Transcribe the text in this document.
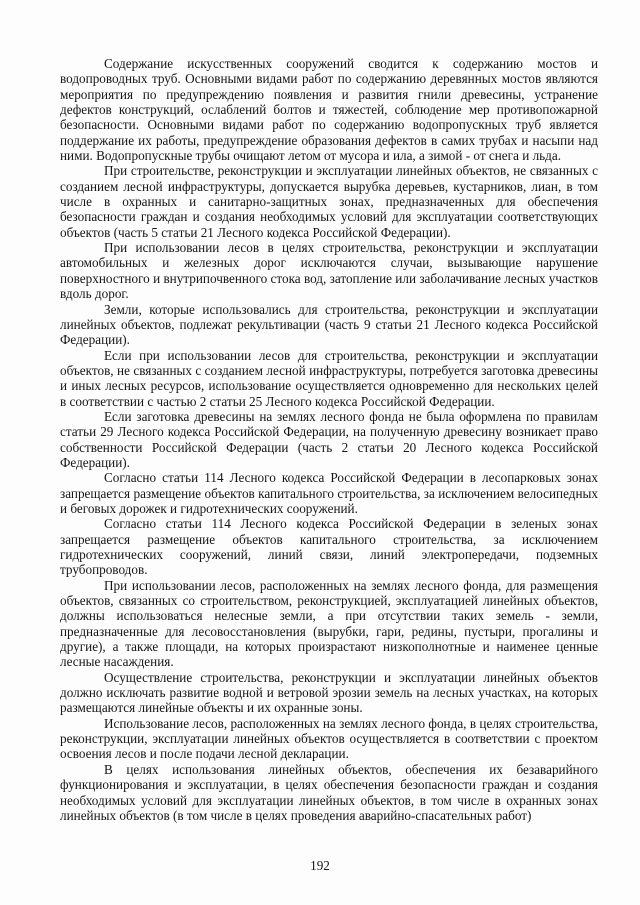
Содержание искусственных сооружений сводится к содержанию мостов и водопроводных труб. Основными видами работ по содержанию деревянных мостов являются мероприятия по предупреждению появления и развития гнили древесины, устранение дефектов конструкций, ослаблений болтов и тяжестей, соблюдение мер противопожарной безопасности. Основными видами работ по содержанию водопропускных труб является поддержание их работы, предупреждение образования дефектов в самих трубах и насыпи над ними. Водопропускные трубы очищают летом от мусора и ила, а зимой - от снега и льда.

При строительстве, реконструкции и эксплуатации линейных объектов, не связанных с созданием лесной инфраструктуры, допускается вырубка деревьев, кустарников, лиан, в том числе в охранных и санитарно-защитных зонах, предназначенных для обеспечения безопасности граждан и создания необходимых условий для эксплуатации соответствующих объектов (часть 5 статьи 21 Лесного кодекса Российской Федерации).

При использовании лесов в целях строительства, реконструкции и эксплуатации автомобильных и железных дорог исключаются случаи, вызывающие нарушение поверхностного и внутрипочвенного стока вод, затопление или заболачивание лесных участков вдоль дорог.

Земли, которые использовались для строительства, реконструкции и эксплуатации линейных объектов, подлежат рекультивации (часть 9 статьи 21 Лесного кодекса Российской Федерации).

Если при использовании лесов для строительства, реконструкции и эксплуатации объектов, не связанных с созданием лесной инфраструктуры, потребуется заготовка древесины и иных лесных ресурсов, использование осуществляется одновременно для нескольких целей в соответствии с частью 2 статьи 25 Лесного кодекса Российской Федерации.

Если заготовка древесины на землях лесного фонда не была оформлена по правилам статьи 29 Лесного кодекса Российской Федерации, на полученную древесину возникает право собственности Российской Федерации (часть 2 статьи 20 Лесного кодекса Российской Федерации).

Согласно статьи 114 Лесного кодекса Российской Федерации в лесопарковых зонах запрещается размещение объектов капитального строительства, за исключением велосипедных и беговых дорожек и гидротехнических сооружений.

Согласно статьи 114 Лесного кодекса Российской Федерации в зеленых зонах запрещается размещение объектов капитального строительства, за исключением гидротехнических сооружений, линий связи, линий электропередачи, подземных трубопроводов.

При использовании лесов, расположенных на землях лесного фонда, для размещения объектов, связанных со строительством, реконструкцией, эксплуатацией линейных объектов, должны использоваться нелесные земли, а при отсутствии таких земель - земли, предназначенные для лесовосстановления (вырубки, гари, редины, пустыри, прогалины и другие), а также площади, на которых произрастают низкополнотные и наименее ценные лесные насаждения.

Осуществление строительства, реконструкции и эксплуатации линейных объектов должно исключать развитие водной и ветровой эрозии земель на лесных участках, на которых размещаются линейные объекты и их охранные зоны.

Использование лесов, расположенных на землях лесного фонда, в целях строительства, реконструкции, эксплуатации линейных объектов осуществляется в соответствии с проектом освоения лесов и после подачи лесной декларации.

В целях использования линейных объектов, обеспечения их безаварийного функционирования и эксплуатации, в целях обеспечения безопасности граждан и создания необходимых условий для эксплуатации линейных объектов, в том числе в охранных зонах линейных объектов (в том числе в целях проведения аварийно-спасательных работ)

192
